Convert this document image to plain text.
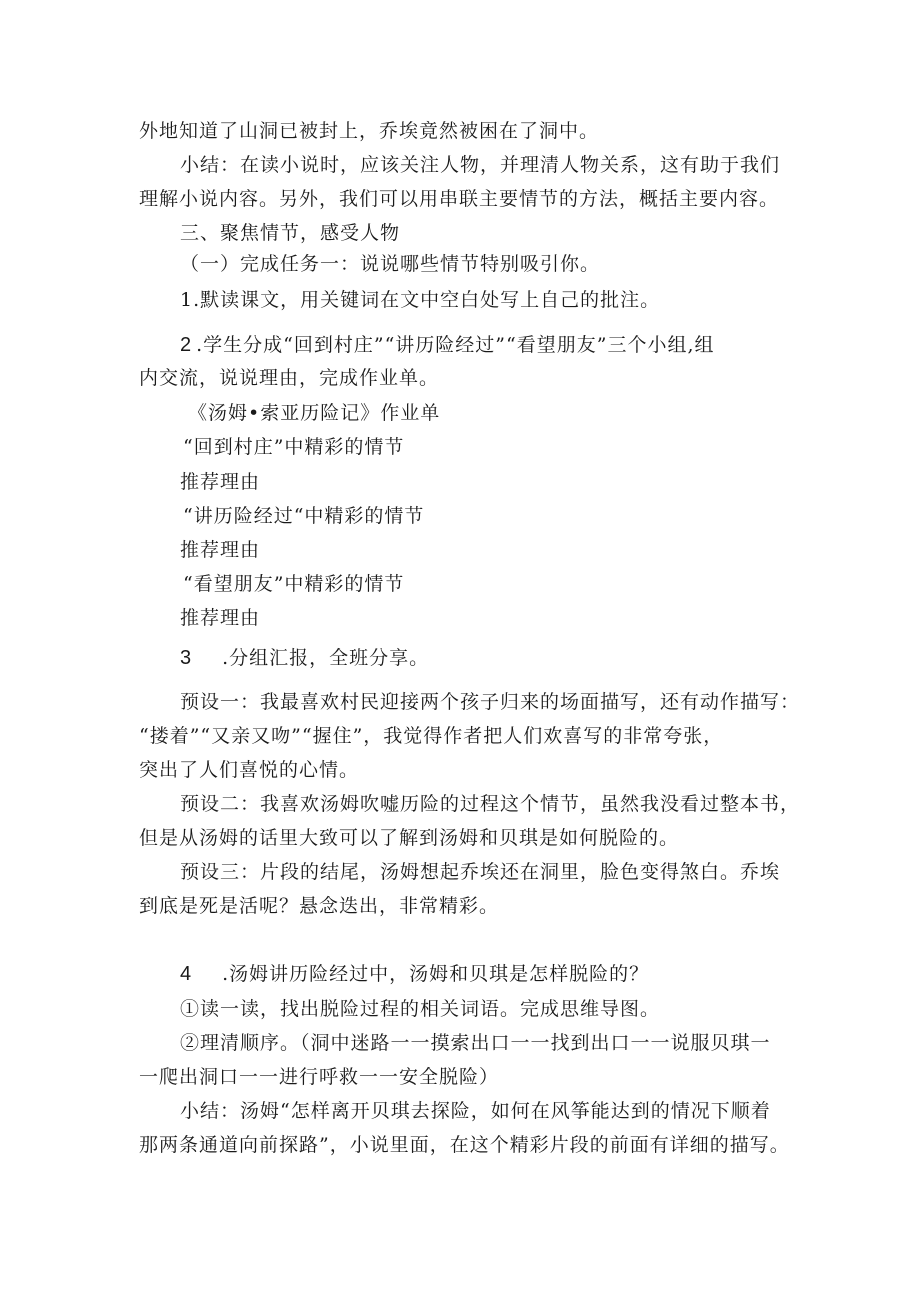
外地知道了山洞已被封上，乔埃竟然被困在了洞中。
小结：在读小说时，应该关注人物，并理清人物关系，这有助于我们
理解小说内容。另外，我们可以用串联主要情节的方法，概括主要内容。
三、聚焦情节，感受人物
（一）完成任务一：说说哪些情节特别吸引你。
1.默读课文，用关键词在文中空白处写上自己的批注。
2 .学生分成“回到村庄”“讲历险经过”“看望朋友”三个小组,组
内交流，说说理由，完成作业单。
《汤姆•索亚历险记》作业单
“回到村庄”中精彩的情节
推荐理由
“讲历险经过“中精彩的情节
推荐理由
“看望朋友”中精彩的情节
推荐理由
3 .分组汇报，全班分享。
预设一：我最喜欢村民迎接两个孩子归来的场面描写，还有动作描写：
“搂着”“又亲又吻”“握住”，我觉得作者把人们欢喜写的非常夸张，
突出了人们喜悦的心情。
预设二：我喜欢汤姆吹嘘历险的过程这个情节，虽然我没看过整本书，
但是从汤姆的话里大致可以了解到汤姆和贝琪是如何脱险的。
预设三：片段的结尾，汤姆想起乔埃还在洞里，脸色变得煞白。乔埃
到底是死是活呢？悬念迭出，非常精彩。
4 .汤姆讲历险经过中，汤姆和贝琪是怎样脱险的？
①读一读，找出脱险过程的相关词语。完成思维导图。
②理清顺序。（洞中迷路一一摸索出口一一找到出口一一说服贝琪一
一爬出洞口一一进行呼救一一安全脱险）
小结：汤姆“怎样离开贝琪去探险，如何在风筝能达到的情况下顺着
那两条通道向前探路”，小说里面，在这个精彩片段的前面有详细的描写。
